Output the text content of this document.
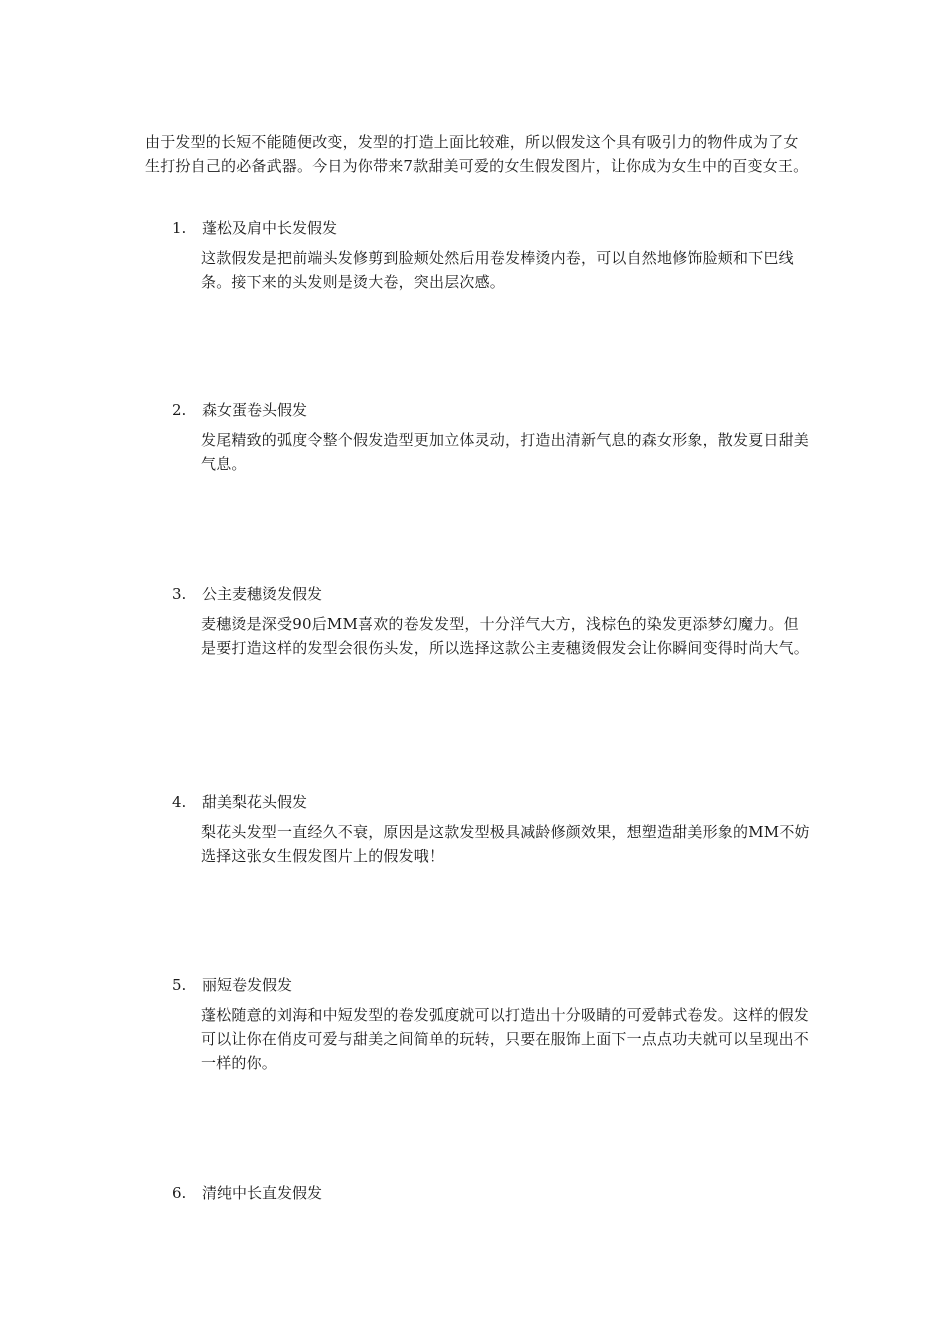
由于发型的长短不能随便改变，发型的打造上面比较难，所以假发这个具有吸引力的物件成为了女生打扮自己的必备武器。今日为你带来7款甜美可爱的女生假发图片，让你成为女生中的百变女王。

1.	蓬松及肩中长发假发

这款假发是把前端头发修剪到脸颊处然后用卷发棒烫内卷，可以自然地修饰脸颊和下巴线条。接下来的头发则是烫大卷，突出层次感。

2.	森女蛋卷头假发

发尾精致的弧度令整个假发造型更加立体灵动，打造出清新气息的森女形象，散发夏日甜美气息。

3.	公主麦穗烫发假发

麦穗烫是深受90后MM喜欢的卷发发型，十分洋气大方，浅棕色的染发更添梦幻魔力。但是要打造这样的发型会很伤头发，所以选择这款公主麦穗烫假发会让你瞬间变得时尚大气。

4.	甜美梨花头假发

梨花头发型一直经久不衰，原因是这款发型极具减龄修颜效果，想塑造甜美形象的MM不妨选择这张女生假发图片上的假发哦！

5.	丽短卷发假发

蓬松随意的刘海和中短发型的卷发弧度就可以打造出十分吸睛的可爱韩式卷发。这样的假发可以让你在俏皮可爱与甜美之间简单的玩转，只要在服饰上面下一点点功夫就可以呈现出不一样的你。

6.	清纯中长直发假发
